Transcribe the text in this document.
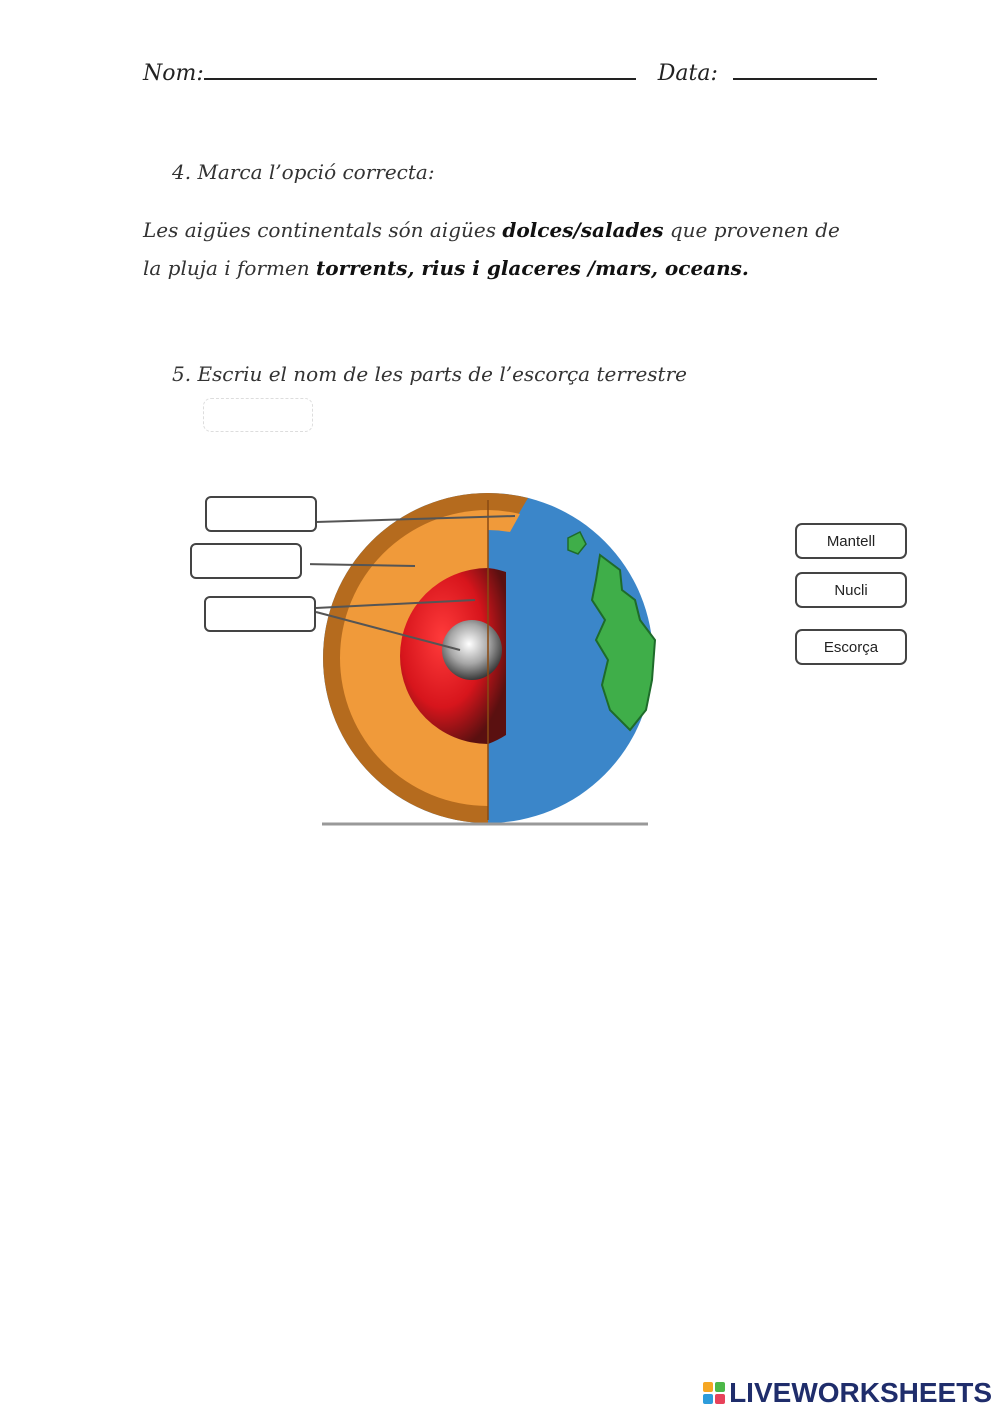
Nom:	Data:
4. Marca l’opció correcta:
Les aigües continentals són aigües dolces/salades que provenen de la pluja i formen torrents, rius i glaceres /mars, oceans.
5. Escriu el nom de les parts de l’escorça terrestre
Mantell
Nucli
Escorça
LIVEWORKSHEETS
